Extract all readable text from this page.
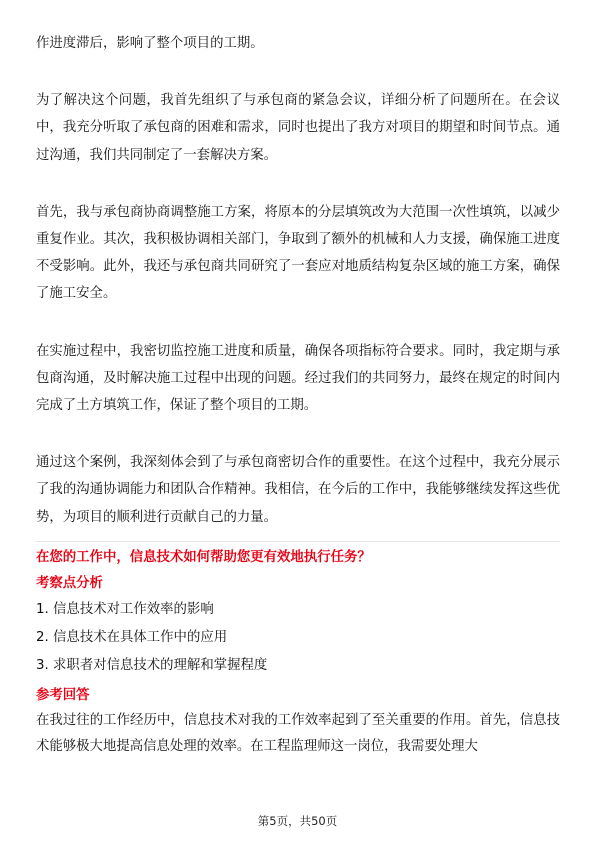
作进度滞后，影响了整个项目的工期。

为了解决这个问题，我首先组织了与承包商的紧急会议，详细分析了问题所在。在会议中，我充分听取了承包商的困难和需求，同时也提出了我方对项目的期望和时间节点。通过沟通，我们共同制定了一套解决方案。

首先，我与承包商协商调整施工方案，将原本的分层填筑改为大范围一次性填筑，以减少重复作业。其次，我积极协调相关部门，争取到了额外的机械和人力支援，确保施工进度不受影响。此外，我还与承包商共同研究了一套应对地质结构复杂区域的施工方案，确保了施工安全。

在实施过程中，我密切监控施工进度和质量，确保各项指标符合要求。同时，我定期与承包商沟通，及时解决施工过程中出现的问题。经过我们的共同努力，最终在规定的时间内完成了土方填筑工作，保证了整个项目的工期。

通过这个案例，我深刻体会到了与承包商密切合作的重要性。在这个过程中，我充分展示了我的沟通协调能力和团队合作精神。我相信，在今后的工作中，我能够继续发挥这些优势，为项目的顺利进行贡献自己的力量。

在您的工作中，信息技术如何帮助您更有效地执行任务？

考察点分析

1. 信息技术对工作效率的影响

2. 信息技术在具体工作中的应用

3. 求职者对信息技术的理解和掌握程度

参考回答

在我过往的工作经历中，信息技术对我的工作效率起到了至关重要的作用。首先，信息技术能够极大地提高信息处理的效率。在工程监理师这一岗位，我需要处理大

第5页，共50页
